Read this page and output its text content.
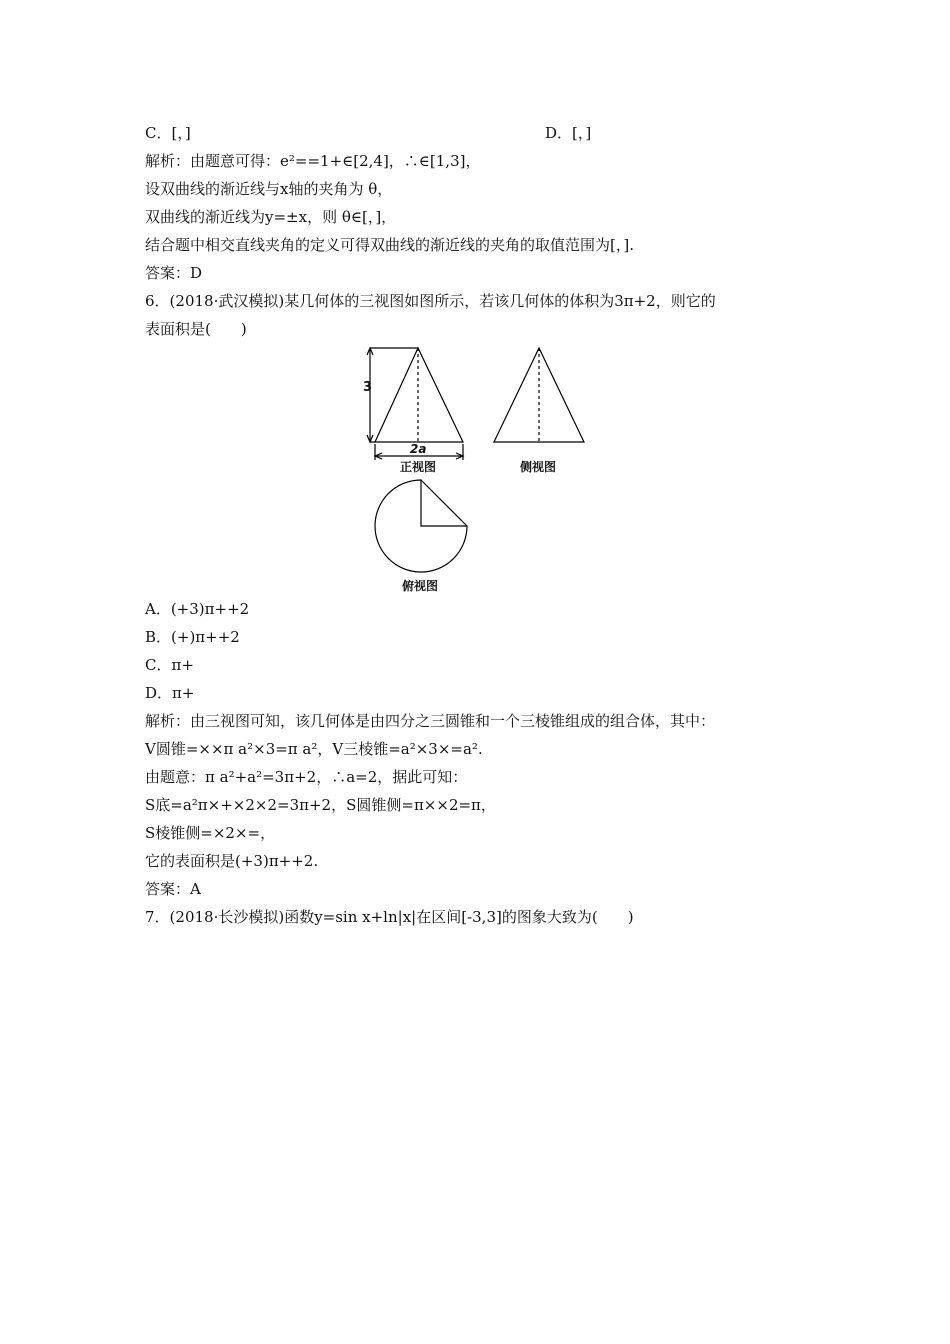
C．[，]	D．[，]
解析：由题意可得：e²==1+∈[2,4]，∴∈[1,3]，
设双曲线的渐近线与x轴的夹角为 θ，
双曲线的渐近线为y=±x，则 θ∈[，]，
结合题中相交直线夹角的定义可得双曲线的渐近线的夹角的取值范围为[，].
答案：D
6．(2018·武汉模拟)某几何体的三视图如图所示，若该几何体的体积为3π+2，则它的
表面积是(　　)
3
2a
正视图	侧视图
俯视图
A．(+3)π++2
B．(+)π++2
C．π+
D．π+
解析：由三视图可知，该几何体是由四分之三圆锥和一个三棱锥组成的组合体，其中：
V圆锥=××π a²×3=π a²，V三棱锥=a²×3×=a².
由题意：π a²+a²=3π+2，∴a=2，据此可知：
S底=a²π×+×2×2=3π+2，S圆锥侧=π××2=π，
S棱锥侧=×2×=，
它的表面积是(+3)π++2.
答案：A
7．(2018·长沙模拟)函数y=sin x+ln|x|在区间[-3,3]的图象大致为(　　)
